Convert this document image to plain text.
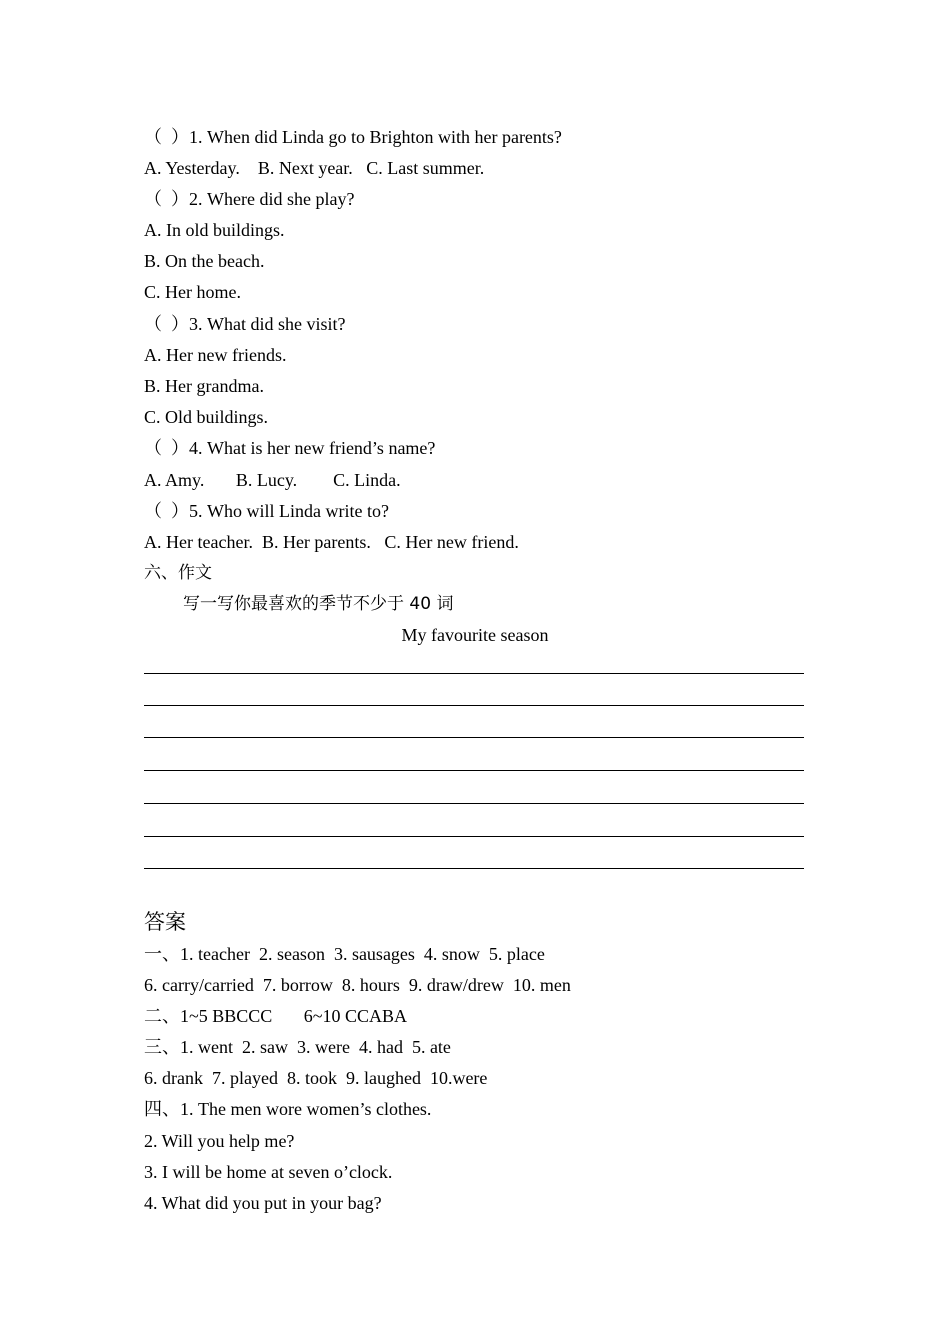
（  ）1. When did Linda go to Brighton with her parents?
A. Yesterday.    B. Next year.   C. Last summer.
（  ）2. Where did she play?
A. In old buildings.
B. On the beach.
C. Her home.
（  ）3. What did she visit?
A. Her new friends.
B. Her grandma.
C. Old buildings.
（  ）4. What is her new friend’s name?
A. Amy.       B. Lucy.        C. Linda.
（  ）5. Who will Linda write to?
A. Her teacher.  B. Her parents.   C. Her new friend.
六、作文
写一写你最喜欢的季节不少于 40 词
My favourite season
答案
一、1. teacher  2. season  3. sausages  4. snow  5. place
6. carry/carried  7. borrow  8. hours  9. draw/drew  10. men
二、1~5 BBCCC       6~10 CCABA
三、1. went  2. saw  3. were  4. had  5. ate
6. drank  7. played  8. took  9. laughed  10.were
四、1. The men wore women’s clothes.
2. Will you help me?
3. I will be home at seven o’clock.
4. What did you put in your bag?
